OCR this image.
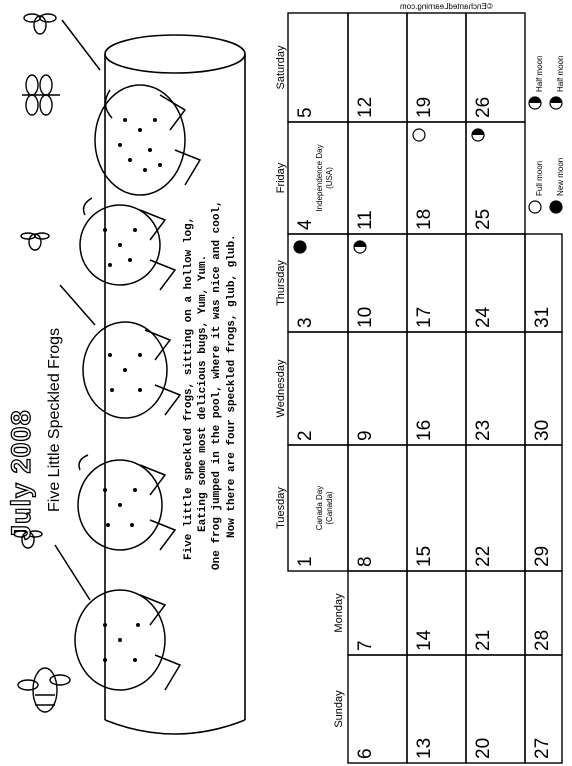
July 2008 Five Little Speckled Frogs	Five little speckled frogs, sitting on a hollow log, Eating some most delicious bugs, Yum, Yum. One frog jumped in the pool, where it was nice and cool, Now there are four speckled frogs, glub, glub.
©EnchantedLearning.com
Saturday
Friday
Thursday
Wednesday
Tuesday
Monday
Sunday
5
4
3
2
1
12
11
10
9
8
7
6
19
18
17
16
15
14
13
26
25
24
23
22
21
20
31
30
29
28
27
Canada Day (Canada)
Independence Day (USA)	Full moon
Half moon
New moon
Half moon
